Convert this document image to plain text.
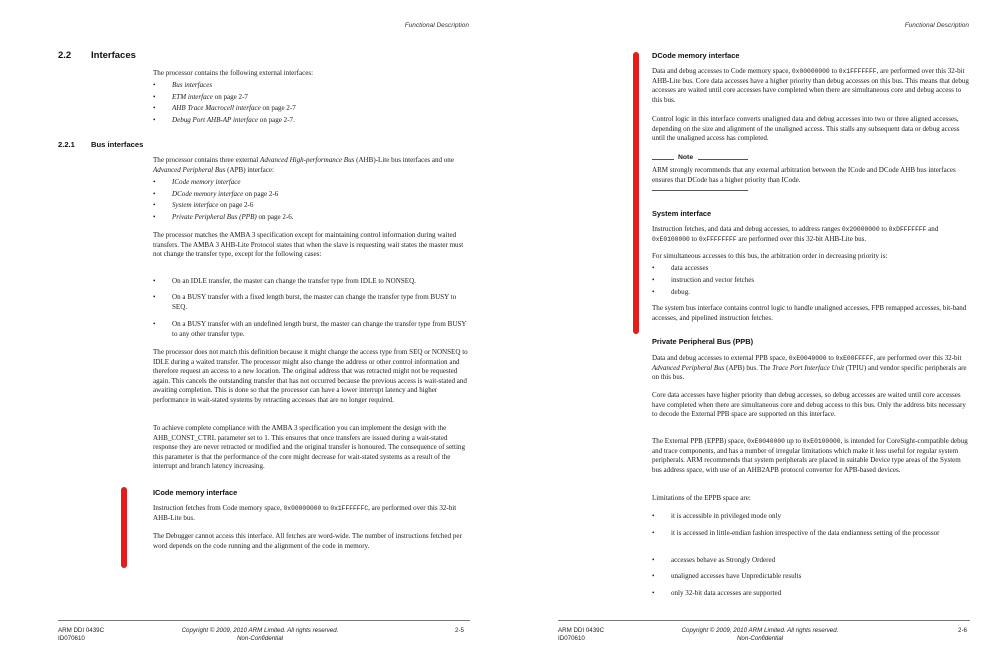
Functional Description
2.2 Interfaces

The processor contains the following external interfaces:

• Bus interfaces
• ETM interface on page 2-7
• AHB Trace Macrocell interface on page 2-7
• Debug Port AHB-AP interface on page 2-7.
2.2.1 Bus interfaces

The processor contains three external Advanced High-performance Bus (AHB)-Lite bus interfaces and one Advanced Peripheral Bus (APB) interface:

• ICode memory interface
• DCode memory interface on page 2-6
• System interface on page 2-6
• Private Peripheral Bus (PPB) on page 2-6.

The processor matches the AMBA 3 specification except for maintaining control information during waited transfers. The AMBA 3 AHB-Lite Protocol states that when the slave is requesting wait states the master must not change the transfer type, except for the following cases:

• On an IDLE transfer, the master can change the transfer type from IDLE to NONSEQ.
• On a BUSY transfer with a fixed length burst, the master can change the transfer type from BUSY to SEQ.
• On a BUSY transfer with an undefined length burst, the master can change the transfer type from BUSY to any other transfer type.

The processor does not match this definition because it might change the access type from SEQ or NONSEQ to IDLE during a waited transfer. The processor might also change the address or other control information and therefore request an access to a new location. The original address that was retracted might not be requested again. This cancels the outstanding transfer that has not occurred because the previous access is wait-stated and awaiting completion. This is done so that the processor can have a lower interrupt latency and higher performance in wait-stated systems by retracting accesses that are no longer required.

To achieve complete compliance with the AMBA 3 specification you can implement the design with the AHB_CONST_CTRL parameter set to 1. This ensures that once transfers are issued during a wait-stated response they are never retracted or modified and the original transfer is honoured. The consequence of setting this parameter is that the performance of the core might decrease for wait-stated systems as a result of the interrupt and branch latency increasing.

ICode memory interface

Instruction fetches from Code memory space, 0x00000000 to 0x1FFFFFFC, are performed over this 32-bit AHB-Lite bus.

The Debugger cannot access this interface. All fetches are word-wide. The number of instructions fetched per word depends on the code running and the alignment of the code in memory.

ARM DDI 0439C
ID070610
Copyright © 2009, 2010 ARM Limited. All rights reserved.
Non-Confidential
2-5
Functional Description
DCode memory interface

Data and debug accesses to Code memory space, 0x00000000 to 0x1FFFFFFF, are performed over this 32-bit AHB-Lite bus. Core data accesses have a higher priority than debug accesses on this bus. This means that debug accesses are waited until core accesses have completed when there are simultaneous core and debug access to this bus.

Control logic in this interface converts unaligned data and debug accesses into two or three aligned accesses, depending on the size and alignment of the unaligned access. This stalls any subsequent data or debug access until the unaligned access has completed.

Note

ARM strongly recommends that any external arbitration between the ICode and DCode AHB bus interfaces ensures that DCode has a higher priority than ICode.

System interface

Instruction fetches, and data and debug accesses, to address ranges 0x20000000 to 0xDFFFFFFF and 0xE0100000 to 0xFFFFFFFF are performed over this 32-bit AHB-Lite bus.

For simultaneous accesses to this bus, the arbitration order in decreasing priority is:

• data accesses
• instruction and vector fetches
• debug.

The system bus interface contains control logic to handle unaligned accesses, FPB remapped accesses, bit-band accesses, and pipelined instruction fetches.

Private Peripheral Bus (PPB)

Data and debug accesses to external PPB space, 0xE0040000 to 0xE00FFFFF, are performed over this 32-bit Advanced Peripheral Bus (APB) bus. The Trace Port Interface Unit (TPIU) and vendor specific peripherals are on this bus.

Core data accesses have higher priority than debug accesses, so debug accesses are waited until core accesses have completed when there are simultaneous core and debug access to this bus. Only the address bits necessary to decode the External PPB space are supported on this interface.

The External PPB (EPPB) space, 0xE0040000 up to 0xE0100000, is intended for CoreSight-compatible debug and trace components, and has a number of irregular limitations which make it less useful for regular system peripherals. ARM recommends that system peripherals are placed in suitable Device type areas of the System bus address space, with use of an AHB2APB protocol converter for APB-based devices.

Limitations of the EPPB space are:

• it is accessible in privileged mode only
• it is accessed in little-endian fashion irrespective of the data endianness setting of the processor
• accesses behave as Strongly Ordered
• unaligned accesses have Unpredictable results
• only 32-bit data accesses are supported
ARM DDI 0439C
ID070610
Copyright © 2009, 2010 ARM Limited. All rights reserved.
Non-Confidential
2-6
